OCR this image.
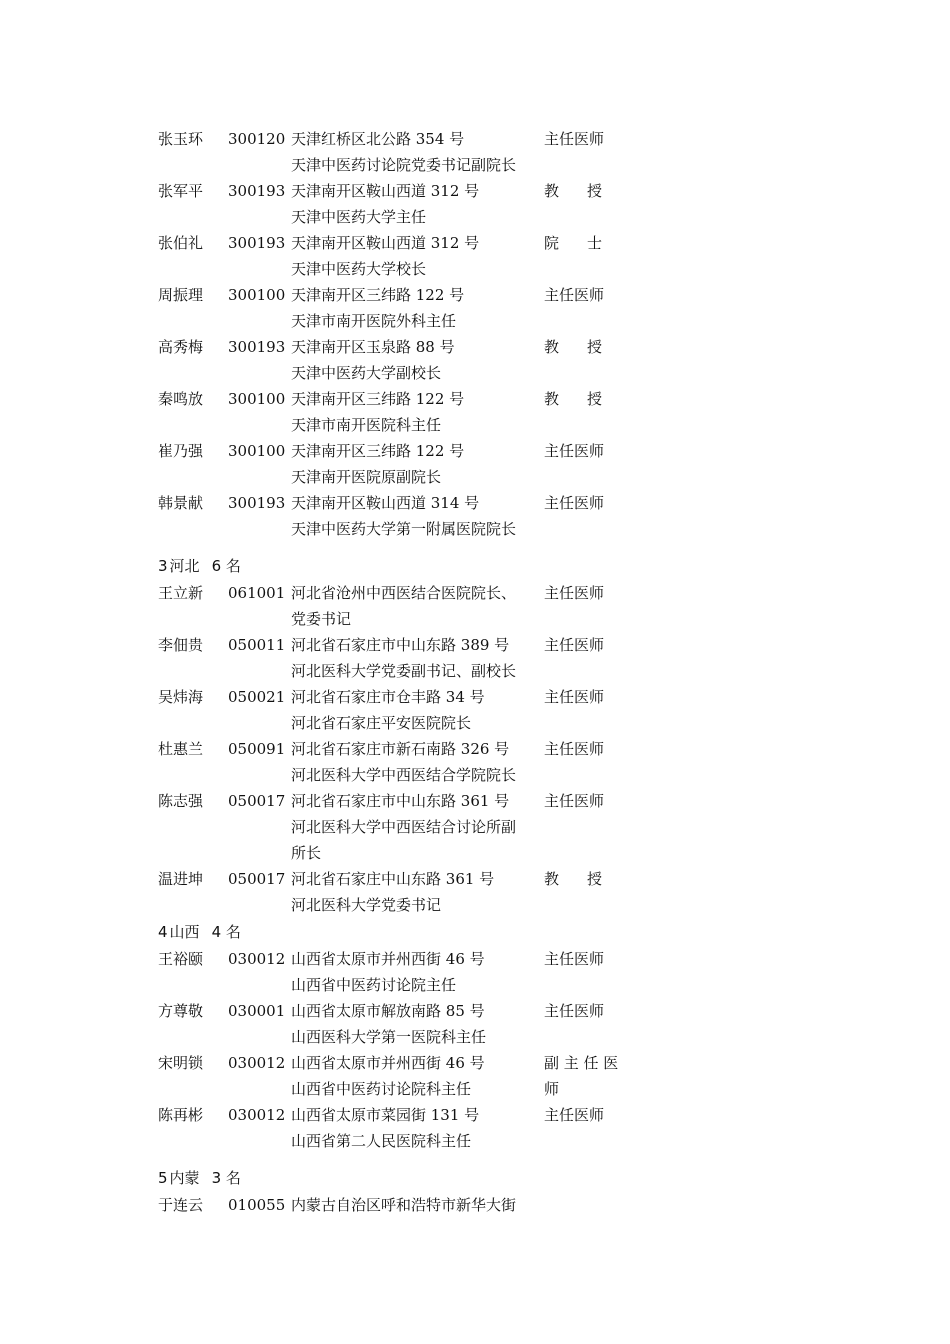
张玉环 300120 天津红桥区北公路 354 号	主任医师
天津中医药讨论院党委书记副院长
张军平 300193 天津南开区鞍山西道 312 号	教授
天津中医药大学主任
张伯礼 300193 天津南开区鞍山西道 312 号	院士
天津中医药大学校长
周振理 300100 天津南开区三纬路 122 号	主任医师
天津市南开医院外科主任
高秀梅 300193 天津南开区玉泉路 88 号	教授
天津中医药大学副校长
秦鸣放 300100 天津南开区三纬路 122 号	教授
天津市南开医院科主任
崔乃强 300100 天津南开区三纬路 122 号	主任医师
天津南开医院原副院长
韩景献 300193 天津南开区鞍山西道 314 号	主任医师
天津中医药大学第一附属医院院长
3 河北 6 名
王立新 061001 河北省沧州中西医结合医院院长、 主任医师
党委书记
李佃贵 050011 河北省石家庄市中山东路 389 号 主任医师
河北医科大学党委副书记、副校长
吴炜海 050021 河北省石家庄市仓丰路 34 号	主任医师
河北省石家庄平安医院院长
杜惠兰 050091 河北省石家庄市新石南路 326 号 主任医师
河北医科大学中西医结合学院院长
陈志强 050017 河北省石家庄市中山东路 361 号 主任医师
河北医科大学中西医结合讨论所副
所长
温进坤 050017 河北省石家庄中山东路 361 号	教授
河北医科大学党委书记
4 山西 4 名
王裕颐 030012 山西省太原市并州西街 46 号	主任医师
山西省中医药讨论院主任
方尊敬 030001 山西省太原市解放南路 85 号	主任医师
山西医科大学第一医院科主任
宋明锁 030012 山西省太原市并州西街 46 号	副 主 任 医
山西省中医药讨论院科主任	师
陈再彬 030012 山西省太原市菜园街 131 号	主任医师
山西省第二人民医院科主任
5 内蒙 3 名
于连云 010055 内蒙古自治区呼和浩特市新华大街
